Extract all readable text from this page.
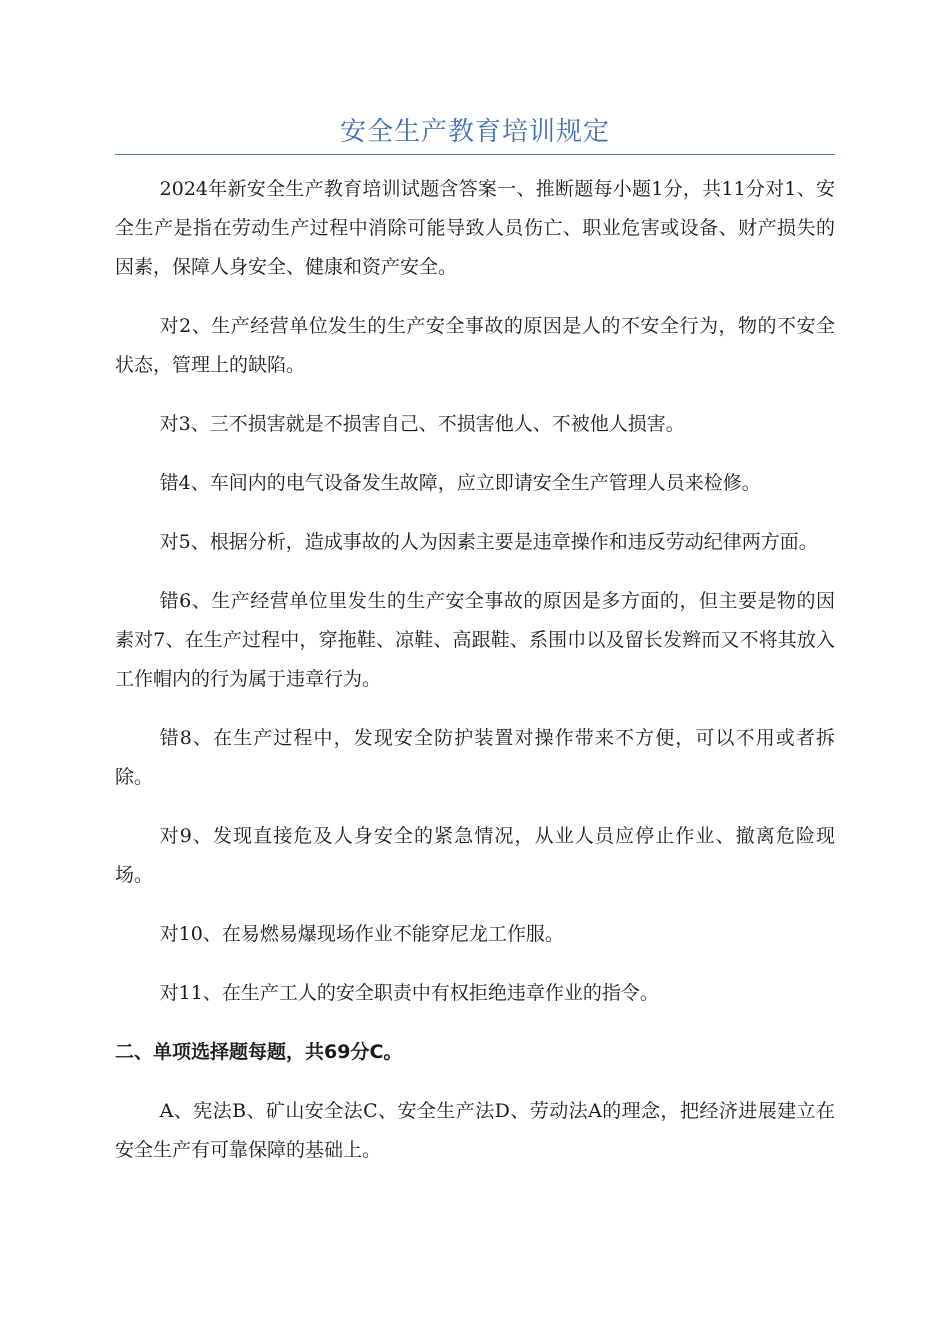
安全生产教育培训规定

2024年新安全生产教育培训试题含答案一、推断题每小题1分，共11分对1、安全生产是指在劳动生产过程中消除可能导致人员伤亡、职业危害或设备、财产损失的因素，保障人身安全、健康和资产安全。

对2、生产经营单位发生的生产安全事故的原因是人的不安全行为，物的不安全状态，管理上的缺陷。

对3、三不损害就是不损害自己、不损害他人、不被他人损害。

错4、车间内的电气设备发生故障，应立即请安全生产管理人员来检修。

对5、根据分析，造成事故的人为因素主要是违章操作和违反劳动纪律两方面。

错6、生产经营单位里发生的生产安全事故的原因是多方面的，但主要是物的因素对7、在生产过程中，穿拖鞋、凉鞋、高跟鞋、系围巾以及留长发辫而又不将其放入工作帽内的行为属于违章行为。

错8、在生产过程中，发现安全防护装置对操作带来不方便，可以不用或者拆除。

对9、发现直接危及人身安全的紧急情况，从业人员应停止作业、撤离危险现场。

对10、在易燃易爆现场作业不能穿尼龙工作服。

对11、在生产工人的安全职责中有权拒绝违章作业的指令。

二、单项选择题每题，共69分C。

A、宪法B、矿山安全法C、安全生产法D、劳动法A的理念，把经济进展建立在安全生产有可靠保障的基础上。
